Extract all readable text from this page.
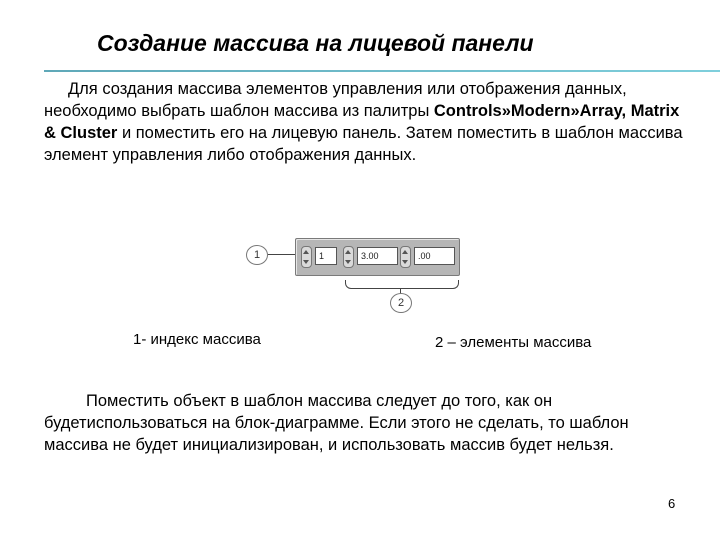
Создание массива на лицевой панели
Для создания массива элементов управления или отображения данных, необходимо выбрать шаблон массива из палитры Controls»Modern»Array, Matrix & Cluster и поместить его на лицевую панель. Затем поместить в шаблон массива элемент управления либо отображения данных.
1	1	3.00	.00
2
1- индекс массива	2 – элементы массива
Поместить объект в шаблон массива следует до того, как он будетиспользоваться на блок-диаграмме. Если этого не сделать, то шаблон массива не будет инициализирован, и использовать массив будет нельзя.
6
